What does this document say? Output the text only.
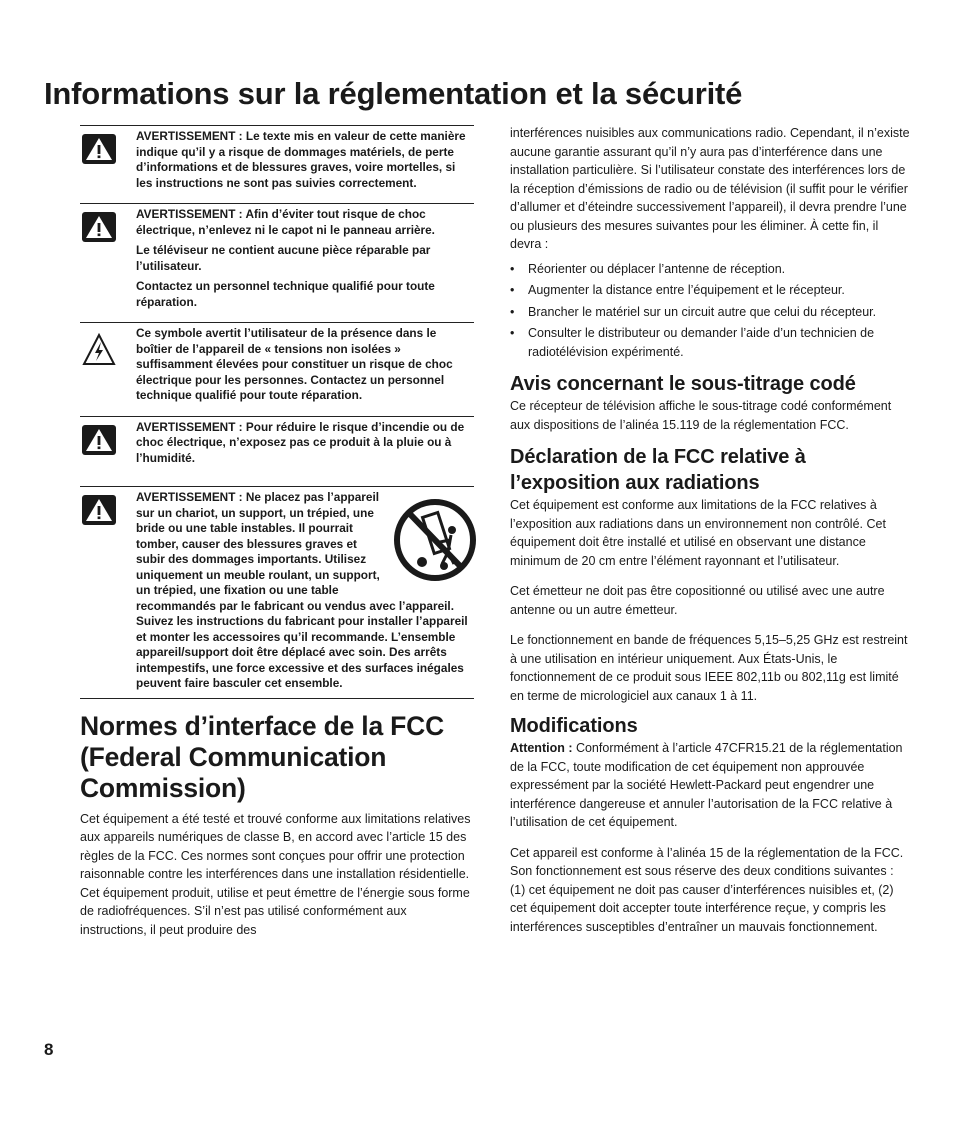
Informations sur la réglementation et la sécurité

AVERTISSEMENT : Le texte mis en valeur de cette manière indique qu’il y a risque de dommages matériels, de perte d’informations et de blessures graves, voire mortelles, si les instructions ne sont pas suivies correctement.

AVERTISSEMENT : Afin d’éviter tout risque de choc électrique, n’enlevez ni le capot ni le panneau arrière.

Le téléviseur ne contient aucune pièce réparable par l’utilisateur.

Contactez un personnel technique qualifié pour toute réparation.

Ce symbole avertit l’utilisateur de la présence dans le boîtier de l’appareil de « tensions non isolées » suffisamment élevées pour constituer un risque de choc électrique pour les personnes. Contactez un personnel technique qualifié pour toute réparation.

AVERTISSEMENT : Pour réduire le risque d’incendie ou de choc électrique, n’exposez pas ce produit à la pluie ou à l’humidité.

AVERTISSEMENT : Ne placez pas l’appareil sur un chariot, un support, un trépied, une bride ou une table instables. Il pourrait tomber, causer des blessures graves et subir des dommages importants. Utilisez uniquement un meuble roulant, un support, un trépied, une fixation ou une table recommandés par le fabricant ou vendus avec l’appareil. Suivez les instructions du fabricant pour installer l’appareil et monter les accessoires qu’il recommande. L’ensemble appareil/support doit être déplacé avec soin. Des arrêts intempestifs, une force excessive et des surfaces inégales peuvent faire basculer cet ensemble.

Normes d’interface de la FCC (Federal Communication Commission)

Cet équipement a été testé et trouvé conforme aux limitations relatives aux appareils numériques de classe B, en accord avec l’article 15 des règles de la FCC. Ces normes sont conçues pour offrir une protection raisonnable contre les interférences dans une installation résidentielle. Cet équipement produit, utilise et peut émettre de l’énergie sous forme de radiofréquences. S’il n’est pas utilisé conformément aux instructions, il peut produire des

interférences nuisibles aux communications radio. Cependant, il n’existe aucune garantie assurant qu’il n’y aura pas d’interférence dans une installation particulière. Si l’utilisateur constate des interférences lors de la réception d’émissions de radio ou de télévision (il suffit pour le vérifier d’allumer et d’éteindre successivement l’appareil), il devra prendre l’une ou plusieurs des mesures suivantes pour les éliminer. À cette fin, il devra :

• Réorienter ou déplacer l’antenne de réception.
• Augmenter la distance entre l’équipement et le récepteur.
• Brancher le matériel sur un circuit autre que celui du récepteur.
• Consulter le distributeur ou demander l’aide d’un technicien de radiotélévision expérimenté.
Avis concernant le sous-titrage codé

Ce récepteur de télévision affiche le sous-titrage codé conformément aux dispositions de l’alinéa 15.119 de la réglementation FCC.

Déclaration de la FCC relative à l’exposition aux radiations

Cet équipement est conforme aux limitations de la FCC relatives à l’exposition aux radiations dans un environnement non contrôlé. Cet équipement doit être installé et utilisé en observant une distance minimum de 20 cm entre l’élément rayonnant et l’utilisateur.

Cet émetteur ne doit pas être copositionné ou utilisé avec une autre antenne ou un autre émetteur.

Le fonctionnement en bande de fréquences 5,15–5,25 GHz est restreint à une utilisation en intérieur uniquement. Aux États-Unis, le fonctionnement de ce produit sous IEEE 802,11b ou 802,11g est limité en terme de micrologiciel aux canaux 1 à 11.

Modifications

Attention : Conformément à l’article 47CFR15.21 de la réglementation de la FCC, toute modification de cet équipement non approuvée expressément par la société Hewlett-Packard peut engendrer une interférence dangereuse et annuler l’autorisation de la FCC relative à l’utilisation de cet équipement.

Cet appareil est conforme à l’alinéa 15 de la réglementation de la FCC. Son fonctionnement est sous réserve des deux conditions suivantes : (1) cet équipement ne doit pas causer d’interférences nuisibles et, (2) cet équipement doit accepter toute interférence reçue, y compris les interférences susceptibles d’entraîner un mauvais fonctionnement.

8
